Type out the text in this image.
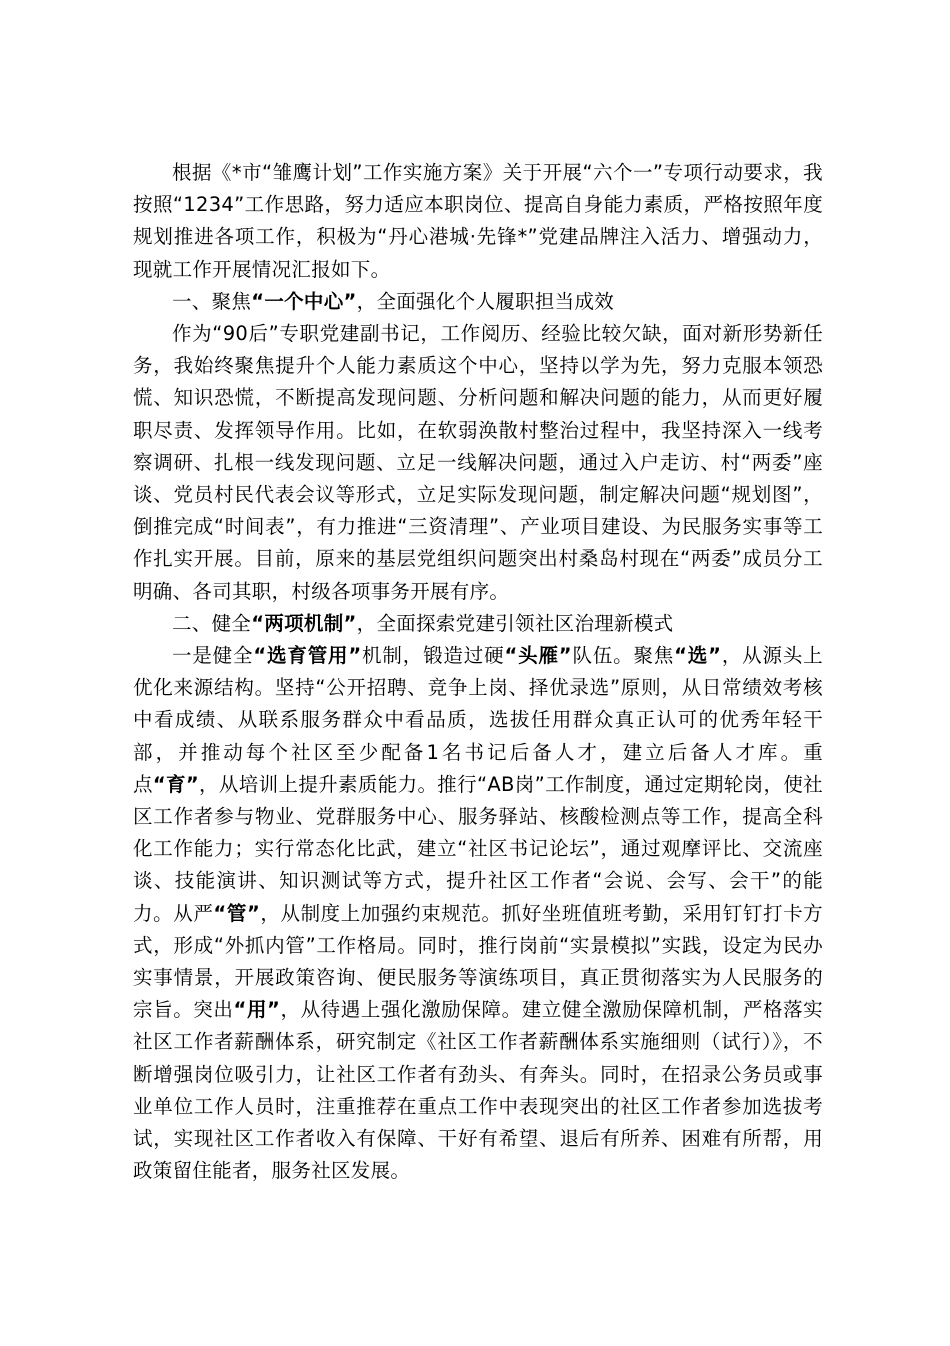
根据《*市“雏鹰计划”工作实施方案》关于开展“六个一”专项行动要求，我按照“1234”工作思路，努力适应本职岗位、提高自身能力素质，严格按照年度规划推进各项工作，积极为“丹心港城·先锋*”党建品牌注入活力、增强动力，现就工作开展情况汇报如下。

一、聚焦“一个中心”，全面强化个人履职担当成效

作为“90后”专职党建副书记，工作阅历、经验比较欠缺，面对新形势新任务，我始终聚焦提升个人能力素质这个中心，坚持以学为先，努力克服本领恐慌、知识恐慌，不断提高发现问题、分析问题和解决问题的能力，从而更好履职尽责、发挥领导作用。比如，在软弱涣散村整治过程中，我坚持深入一线考察调研、扎根一线发现问题、立足一线解决问题，通过入户走访、村“两委”座谈、党员村民代表会议等形式，立足实际发现问题，制定解决问题“规划图”，倒推完成“时间表”，有力推进“三资清理”、产业项目建设、为民服务实事等工作扎实开展。目前，原来的基层党组织问题突出村桑岛村现在“两委”成员分工明确、各司其职，村级各项事务开展有序。

二、健全“两项机制”，全面探索党建引领社区治理新模式

一是健全“选育管用”机制，锻造过硬“头雁”队伍。聚焦“选”，从源头上优化来源结构。坚持“公开招聘、竞争上岗、择优录选”原则，从日常绩效考核中看成绩、从联系服务群众中看品质，选拔任用群众真正认可的优秀年轻干部，并推动每个社区至少配备1名书记后备人才，建立后备人才库。重点“育”，从培训上提升素质能力。推行“AB岗”工作制度，通过定期轮岗，使社区工作者参与物业、党群服务中心、服务驿站、核酸检测点等工作，提高全科化工作能力；实行常态化比武，建立“社区书记论坛”，通过观摩评比、交流座谈、技能演讲、知识测试等方式，提升社区工作者“会说、会写、会干”的能力。从严“管”，从制度上加强约束规范。抓好坐班值班考勤，采用钉钉打卡方式，形成“外抓内管”工作格局。同时，推行岗前“实景模拟”实践，设定为民办实事情景，开展政策咨询、便民服务等演练项目，真正贯彻落实为人民服务的宗旨。突出“用”，从待遇上强化激励保障。建立健全激励保障机制，严格落实社区工作者薪酬体系，研究制定《社区工作者薪酬体系实施细则（试行）》，不断增强岗位吸引力，让社区工作者有劲头、有奔头。同时，在招录公务员或事业单位工作人员时，注重推荐在重点工作中表现突出的社区工作者参加选拔考试，实现社区工作者收入有保障、干好有希望、退后有所养、困难有所帮，用政策留住能者，服务社区发展。
